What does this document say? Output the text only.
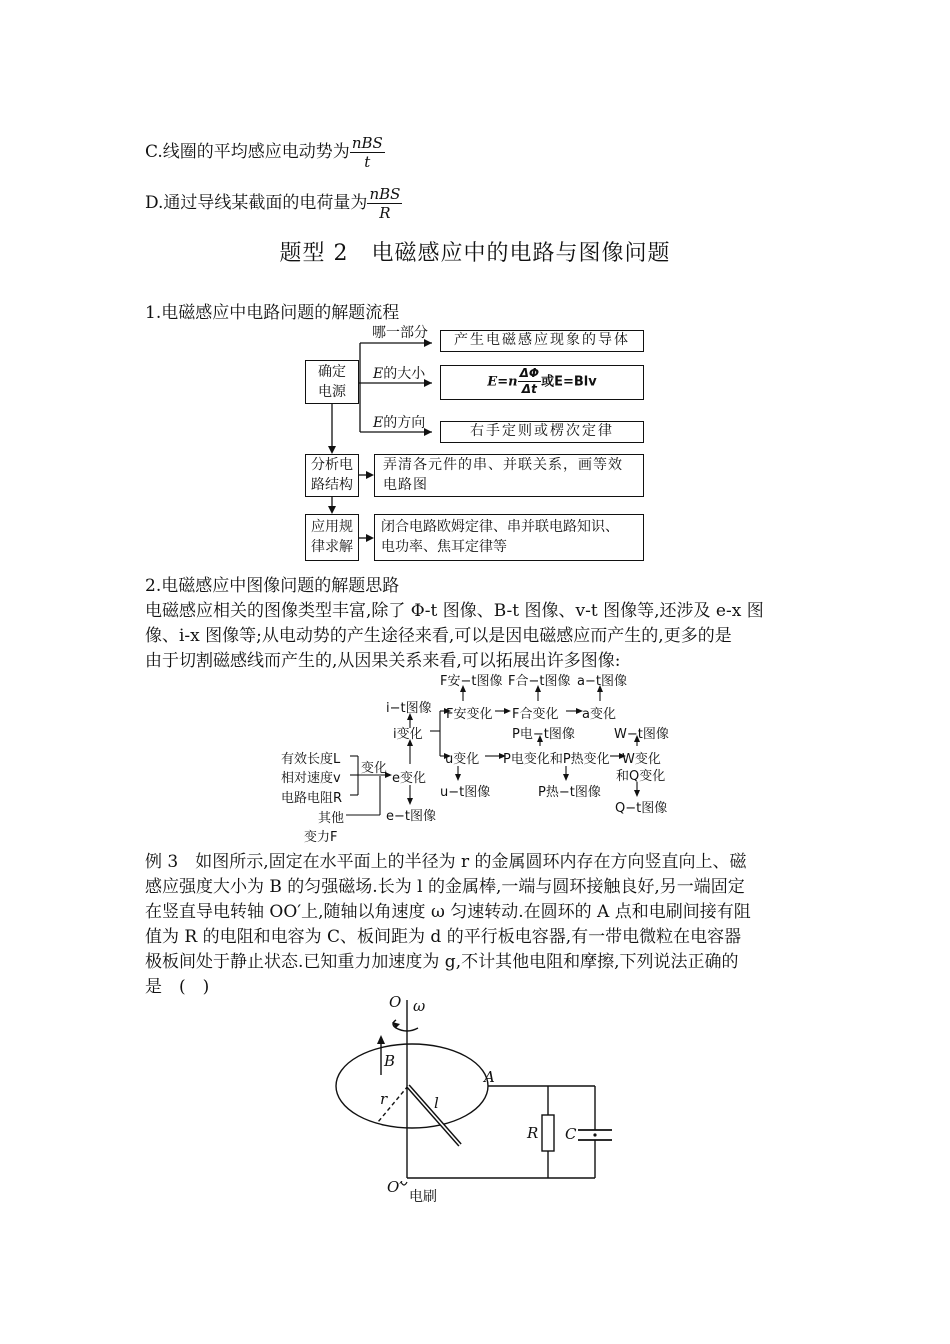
C.线圈的平均感应电动势为 $\frac{\text{nBS}}{t}$
D.通过导线某截面的电荷量为 $\frac{\text{nBS}}{R}$
题型 2　电磁感应中的电路与图像问题
1.电磁感应中电路问题的解题流程
确定
电源
哪一部分	产生电磁感应现象的导体
E的大小	$E=n \frac{\Delta\Phi}{\Delta t}$ 或E=Blv
E的方向	右手定则或楞次定律
分析电
路结构
弄清各元件的串、并联关系，画等效
电路图
应用规
律求解
闭合电路欧姆定律、串并联电路知识、
电功率、焦耳定律等
2.电磁感应中图像问题的解题思路
电磁感应相关的图像类型丰富,除了 Φ-t 图像、B-t 图像、v-t 图像等,还涉及 e-x 图
像、i-x 图像等;从电动势的产生途径来看,可以是因电磁感应而产生的,更多的是
由于切割磁感线而产生的,从因果关系来看,可以拓展出许多图像:
有效长度L
相对速度v
电路电阻R
其他
变力F
变化
e变化
e−t图像
i−t图像
i变化
u变化
u−t图像
F安−t图像 F合−t图像 a−t图像
F安变化 F合变化 a变化
P电−t图像
P电变化和P热变化
P热−t图像
W−t图像
W变化
和Q变化
Q−t图像
例 3　如图所示,固定在水平面上的半径为 r 的金属圆环内存在方向竖直向上、磁
感应强度大小为 B 的匀强磁场.长为 l 的金属棒,一端与圆环接触良好,另一端固定
在竖直导电转轴 OO′上,随轴以角速度 ω 匀速转动.在圆环的 A 点和电刷间接有阻
值为 R 的电阻和电容为 C、板间距为 d 的平行板电容器,有一带电微粒在电容器
极板间处于静止状态.已知重力加速度为 g,不计其他电阻和摩擦,下列说法正确的
是　(　)
O ω
B
A
r	l
R C
O′
电刷
